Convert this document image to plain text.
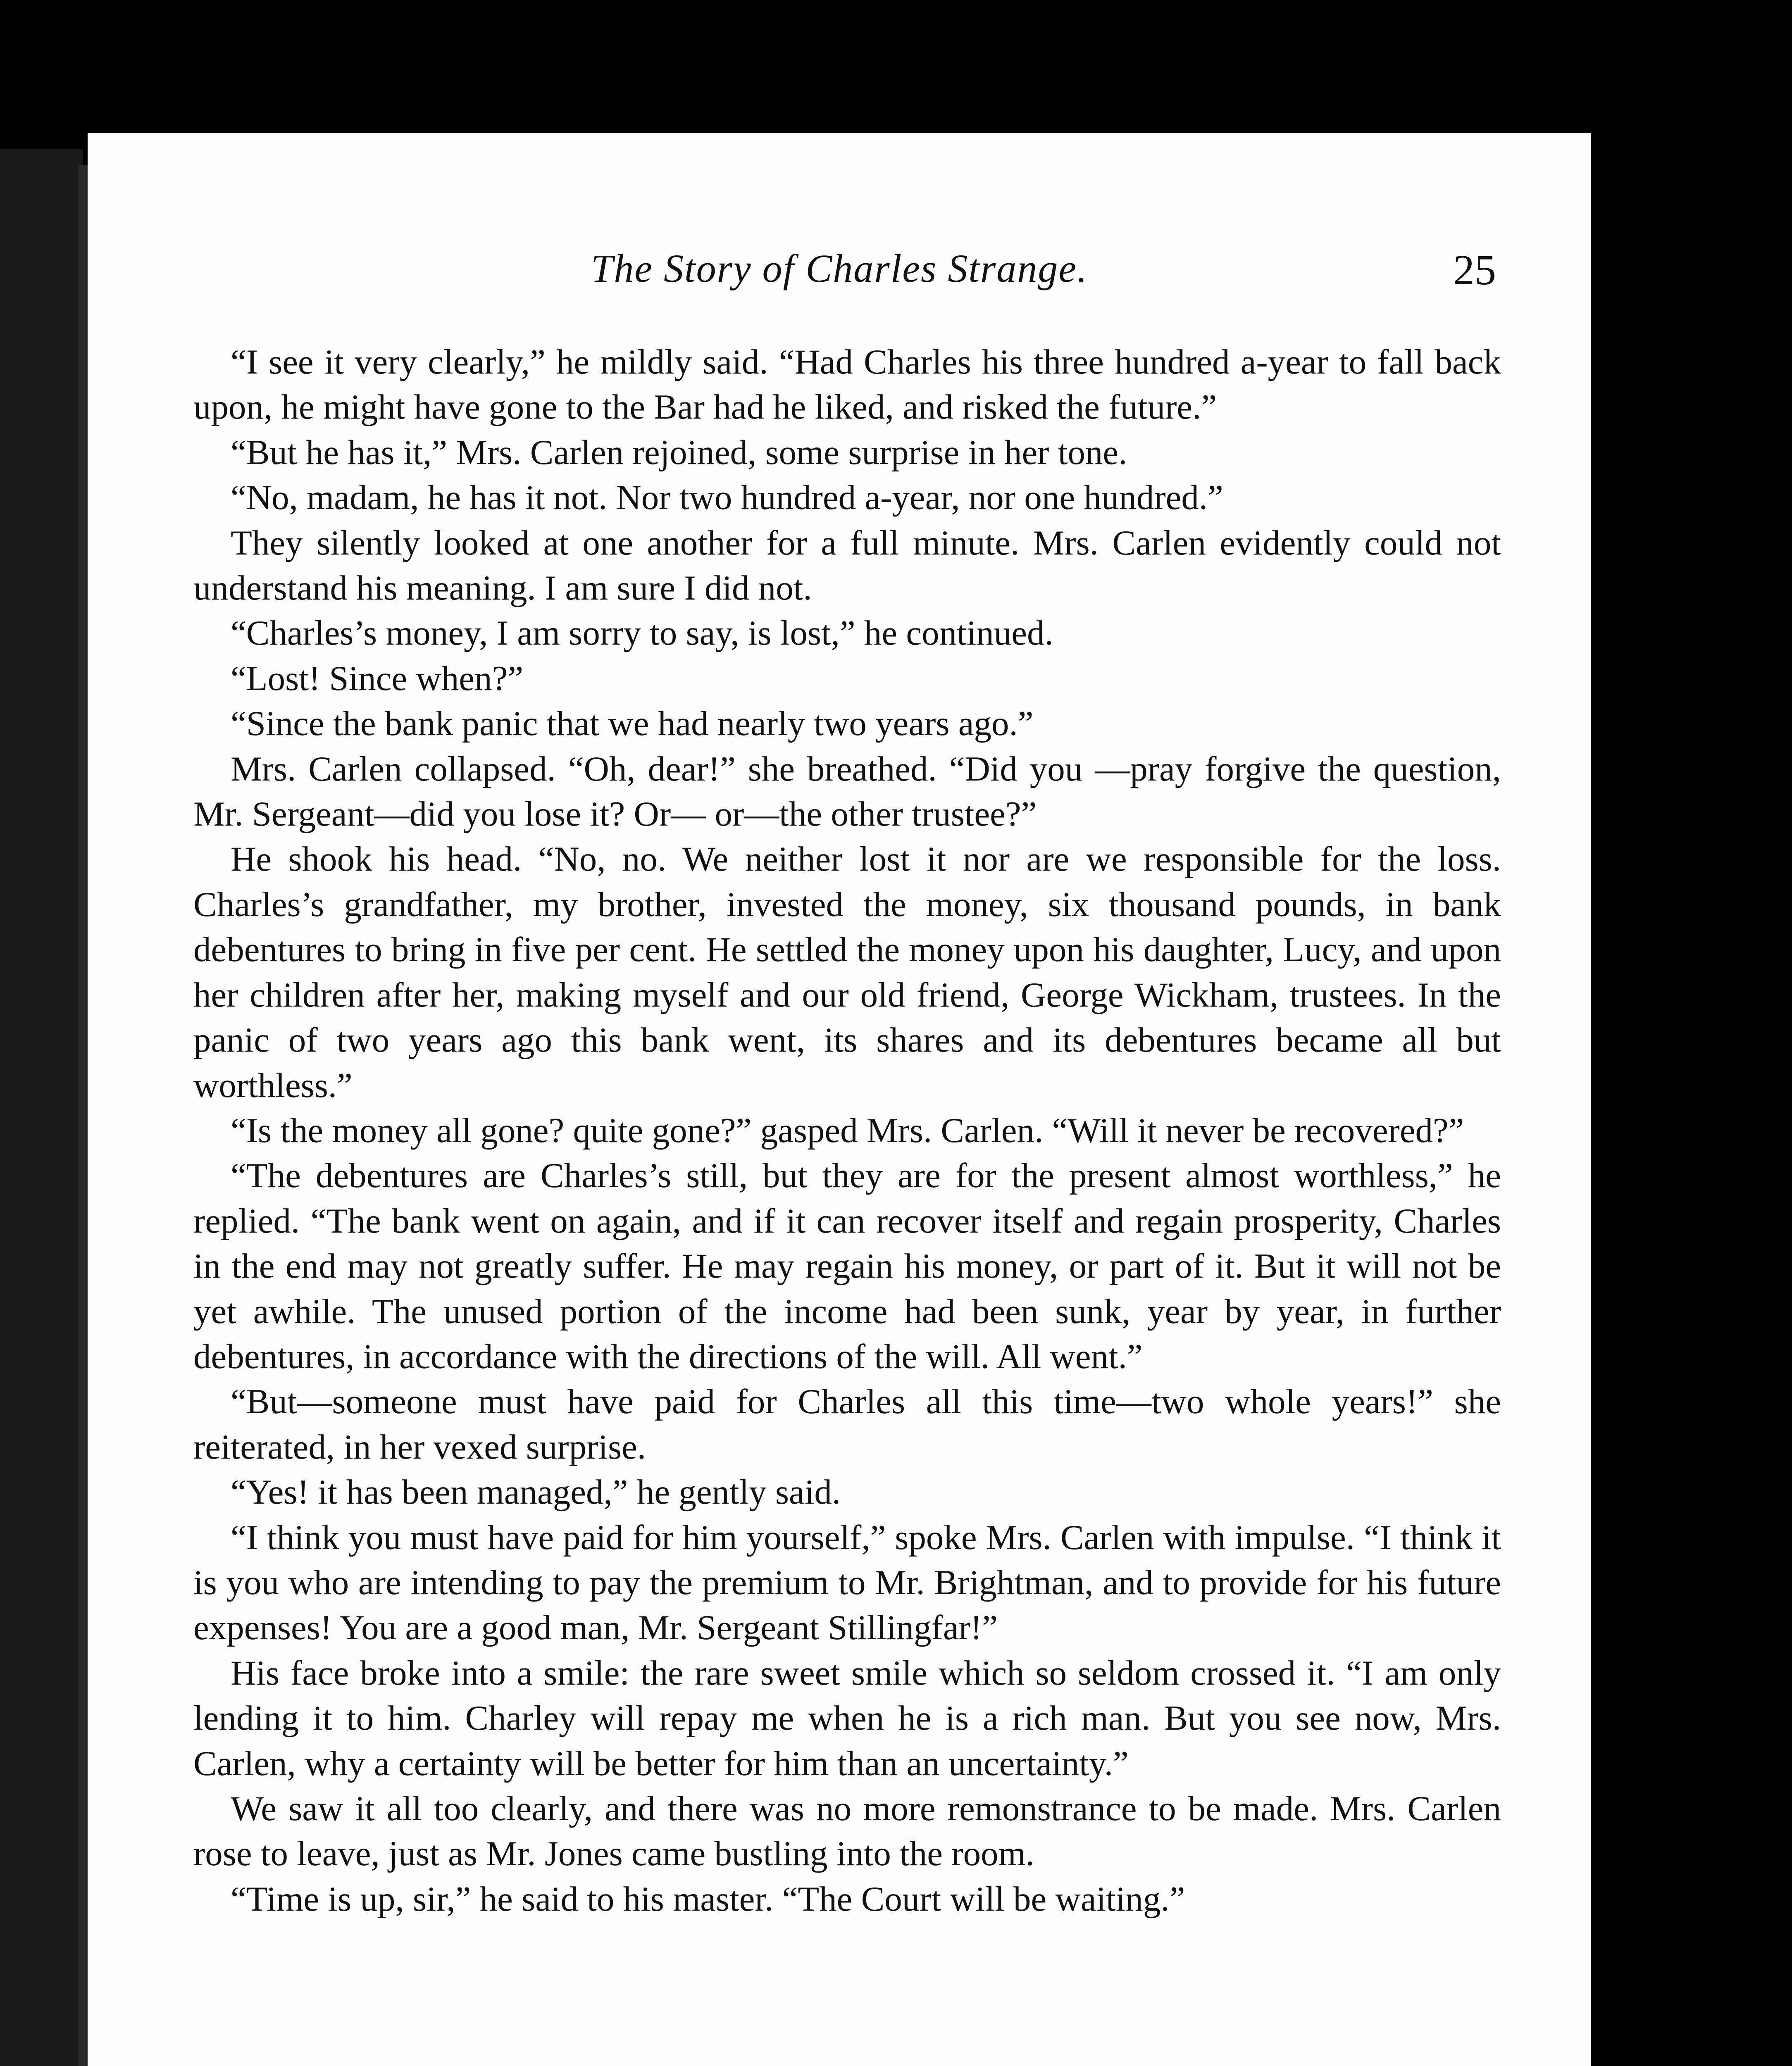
The Story of Charles Strange.	25

“I see it very clearly,” he mildly said. “Had Charles his three hundred a-year to fall back upon, he might have gone to the Bar had he liked, and risked the future.”

“But he has it,” Mrs. Carlen rejoined, some surprise in her tone.

“No, madam, he has it not. Nor two hundred a-year, nor one hundred.”

They silently looked at one another for a full minute. Mrs. Carlen evidently could not understand his meaning. I am sure I did not.

“Charles’s money, I am sorry to say, is lost,” he continued.

“Lost! Since when?”

“Since the bank panic that we had nearly two years ago.”

Mrs. Carlen collapsed. “Oh, dear!” she breathed. “Did you —pray forgive the question, Mr. Sergeant—did you lose it? Or— or—the other trustee?”

He shook his head. “No, no. We neither lost it nor are we responsible for the loss. Charles’s grandfather, my brother, invested the money, six thousand pounds, in bank debentures to bring in five per cent. He settled the money upon his daughter, Lucy, and upon her children after her, making myself and our old friend, George Wickham, trustees. In the panic of two years ago this bank went, its shares and its debentures became all but worthless.”

“Is the money all gone? quite gone?” gasped Mrs. Carlen. “Will it never be recovered?”

“The debentures are Charles’s still, but they are for the present almost worthless,” he replied. “The bank went on again, and if it can recover itself and regain prosperity, Charles in the end may not greatly suffer. He may regain his money, or part of it. But it will not be yet awhile. The unused portion of the income had been sunk, year by year, in further debentures, in accordance with the directions of the will. All went.”

“But—someone must have paid for Charles all this time—two whole years!” she reiterated, in her vexed surprise.

“Yes! it has been managed,” he gently said.

“I think you must have paid for him yourself,” spoke Mrs. Carlen with impulse. “I think it is you who are intending to pay the premium to Mr. Brightman, and to provide for his future expenses! You are a good man, Mr. Sergeant Stillingfar!”

His face broke into a smile: the rare sweet smile which so seldom crossed it. “I am only lending it to him. Charley will repay me when he is a rich man. But you see now, Mrs. Carlen, why a certainty will be better for him than an uncertainty.”

We saw it all too clearly, and there was no more remonstrance to be made. Mrs. Carlen rose to leave, just as Mr. Jones came bustling into the room.

“Time is up, sir,” he said to his master. “The Court will be waiting.”
